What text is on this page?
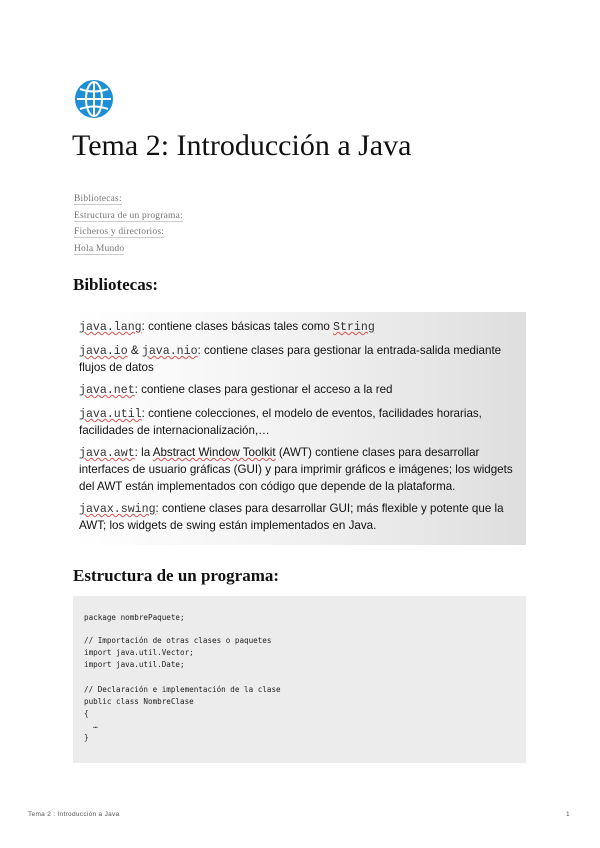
Tema 2: Introducción a Java
Bibliotecas:
Estructura de un programa:
Ficheros y directorios:
Hola Mundo
Bibliotecas:
java.lang: contiene clases básicas tales como String
java.io & java.nio: contiene clases para gestionar la entrada-salida mediante flujos de datos
java.net: contiene clases para gestionar el acceso a la red
java.util: contiene colecciones, el modelo de eventos, facilidades horarias, facilidades de internacionalización,…
java.awt: la Abstract Window Toolkit (AWT) contiene clases para desarrollar interfaces de usuario gráficas (GUI) y para imprimir gráficos e imágenes; los widgets del AWT están implementados con código que depende de la plataforma.
javax.swing: contiene clases para desarrollar GUI; más flexible y potente que la AWT; los widgets de swing están implementados en Java.
Estructura de un programa:
package nombrePaquete;
// Importación de otras clases o paquetes
import java.util.Vector;
import java.util.Date;
// Declaración e implementación de la clase
public class NombreClase
{
…
}
Tema 2 : Introducción a Java	1
